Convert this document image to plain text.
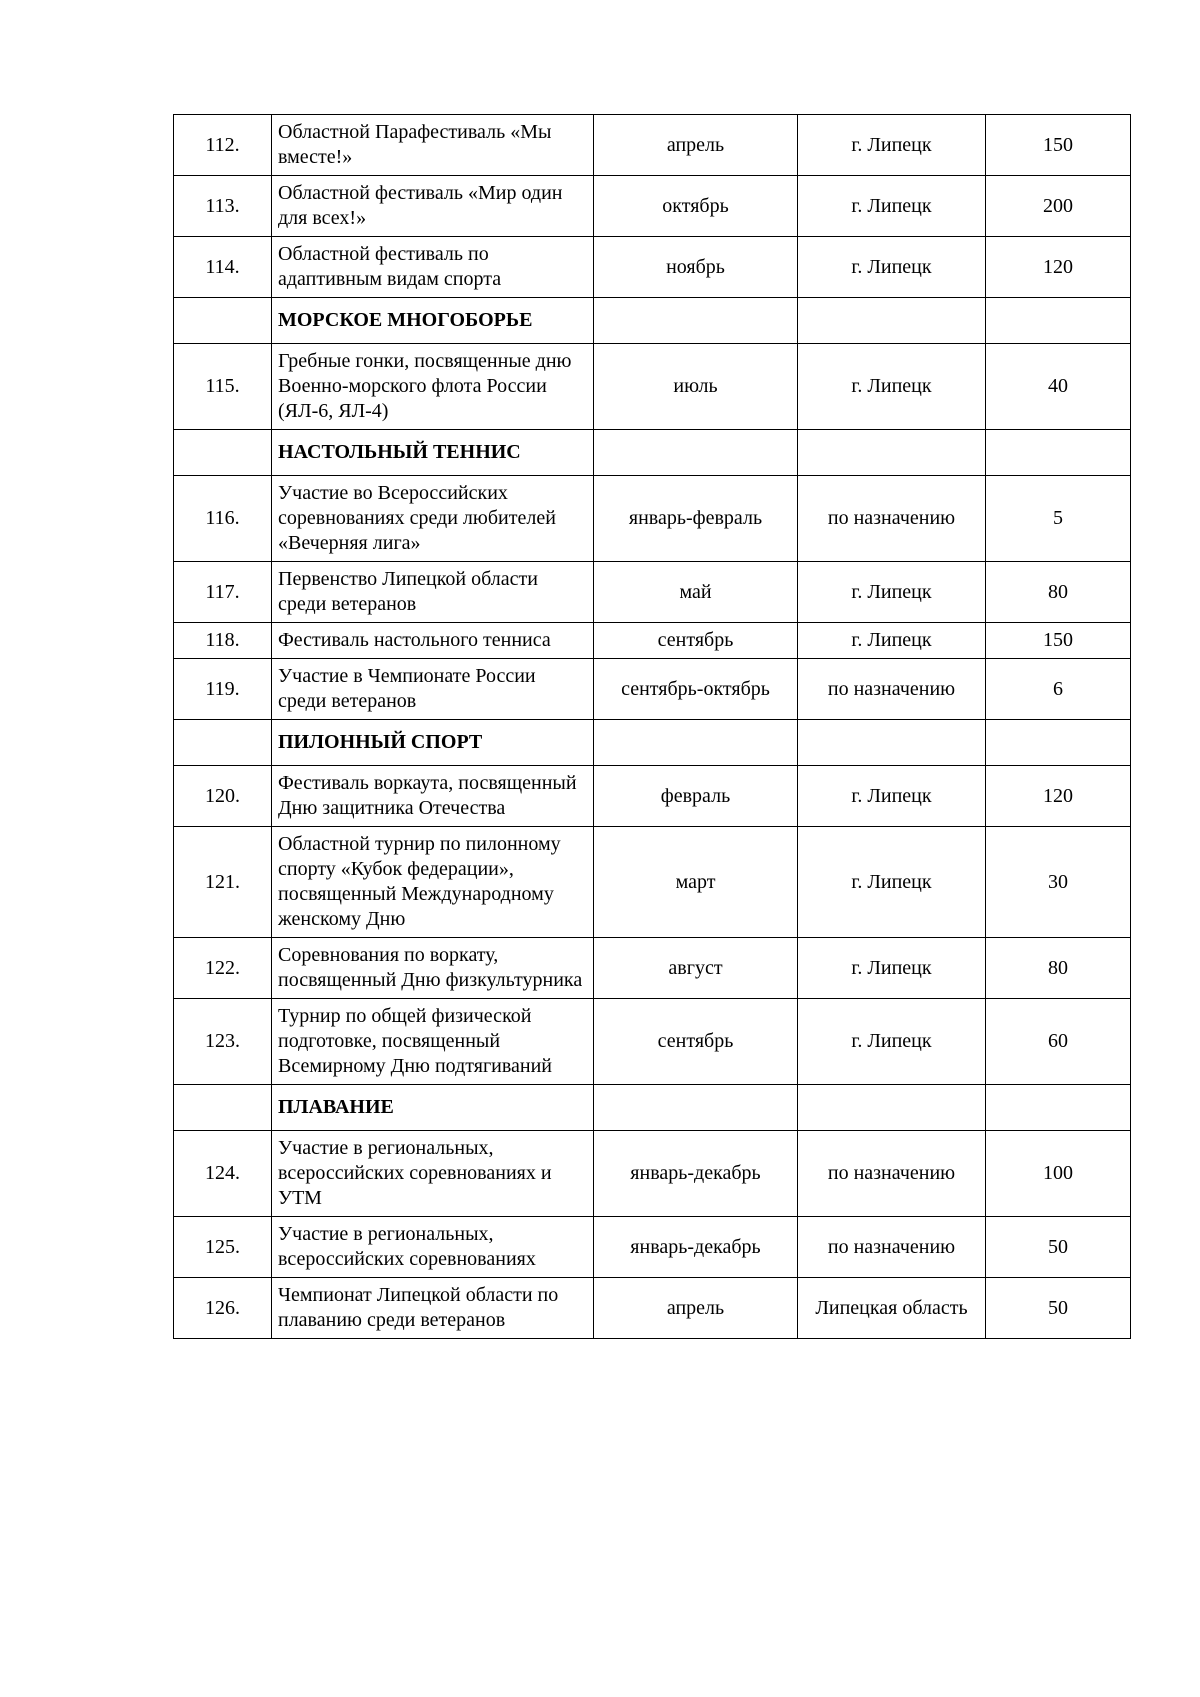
112.	Областной Парафестиваль «Мы вместе!»	апрель	г. Липецк	150
113.	Областной фестиваль «Мир один для всех!»	октябрь	г. Липецк	200
114.	Областной фестиваль по адаптивным видам спорта	ноябрь	г. Липецк	120
	МОРСКОЕ МНОГОБОРЬЕ			
115.	Гребные гонки, посвященные дню Военно-морского флота России (ЯЛ-6, ЯЛ-4)	июль	г. Липецк	40
	НАСТОЛЬНЫЙ ТЕННИС			
116.	Участие во Всероссийских соревнованиях среди любителей «Вечерняя лига»	январь-февраль	по назначению	5
117.	Первенство Липецкой области среди ветеранов	май	г. Липецк	80
118.	Фестиваль настольного тенниса	сентябрь	г. Липецк	150
119.	Участие в Чемпионате России среди ветеранов	сентябрь-октябрь	по назначению	6
	ПИЛОННЫЙ СПОРТ			
120.	Фестиваль воркаута, посвященный Дню защитника Отечества	февраль	г. Липецк	120
121.	Областной турнир по пилонному спорту «Кубок федерации», посвященный Международному женскому Дню	март	г. Липецк	30
122.	Соревнования по воркату, посвященный Дню физкультурника	август	г. Липецк	80
123.	Турнир по общей физической подготовке, посвященный Всемирному Дню подтягиваний	сентябрь	г. Липецк	60
	ПЛАВАНИЕ			
124.	Участие в региональных, всероссийских соревнованиях и УТМ	январь-декабрь	по назначению	100
125.	Участие в региональных, всероссийских соревнованиях	январь-декабрь	по назначению	50
126.	Чемпионат Липецкой области по плаванию среди ветеранов	апрель	Липецкая область	50
